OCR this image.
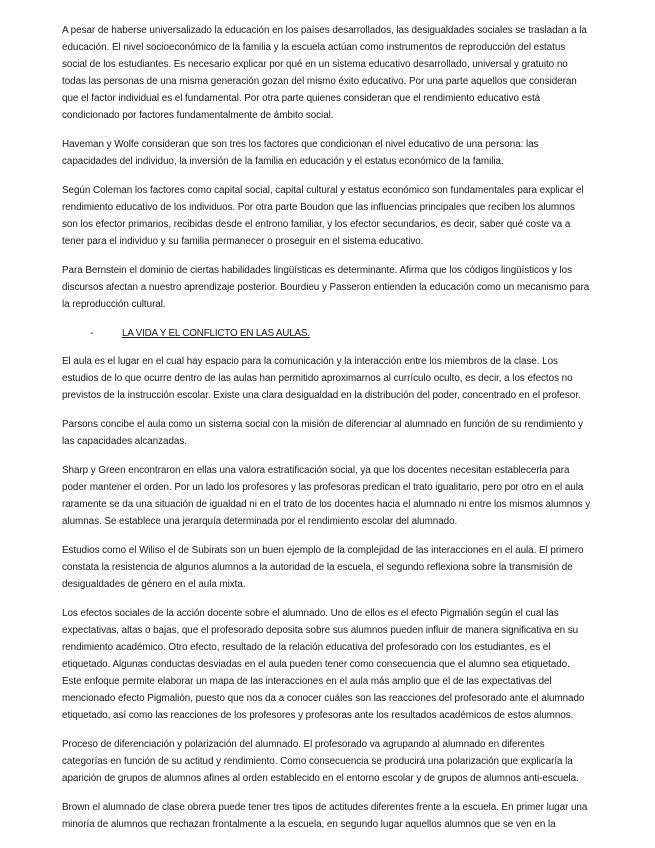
A pesar de haberse universalizado la educación en los países desarrollados, las desigualdades sociales se trasladan a la educación. El nivel socioeconómico de la familia y la escuela actúan como instrumentos de reproducción del estatus social de los estudiantes. Es necesario explicar por qué en un sistema educativo desarrollado, universal y gratuito no todas las personas de una misma generación gozan del mismo éxito educativo. Por una parte aquellos que consideran que el factor individual es el fundamental. Por otra parte quienes consideran que el rendimiento educativo está condicionado por factores fundamentalmente de ámbito social.

Haveman y Wolfe consideran que son tres los factores que condicionan el nivel educativo de una persona: las capacidades del individuo, la inversión de la familia en educación y el estatus económico de la familia.

Según Coleman los factores como capital social, capital cultural y estatus económico son fundamentales para explicar el rendimiento educativo de los individuos. Por otra parte Boudon que las influencias principales que reciben los alumnos son los efector primarios, recibidas desde el entrono familiar, y los efector secundarios, es decir, saber qué coste va a tener para el individuo y su familia permanecer o proseguir en el sistema educativo.

Para Bernstein el dominio de ciertas habilidades lingüísticas es determinante. Afirma que los códigos lingüísticos y los discursos afectan a nuestro aprendizaje posterior. Bourdieu y Passeron entienden la educación como un mecanismo para la reproducción cultural.

-	LA VIDA Y EL CONFLICTO EN LAS AULAS.

El aula es el lugar en el cual hay espacio para la comunicación y la interacción entre los miembros de la clase. Los estudios de lo que ocurre dentro de las aulas han permitido aproximarnos al currículo oculto, es decir, a los efectos no previstos de la instrucción escolar. Existe una clara desigualdad en la distribución del poder, concentrado en el profesor.

Parsons concibe el aula como un sistema social con la misión de diferenciar al alumnado en función de su rendimiento y las capacidades alcanzadas.

Sharp y Green encontraron en ellas una valora estratificación social, ya que los docentes necesitan establecerla para poder mantener el orden. Por un lado los profesores y las profesoras predican el trato igualitario, pero por otro en el aula raramente se da una situación de igualdad ni en el trato de los docentes hacia el alumnado ni entre los mismos alumnos y alumnas. Se establece una jerarquía determinada por el rendimiento escolar del alumnado.

Estudios como el Wiliso el de Subirats son un buen ejemplo de la complejidad de las interacciones en el aula. El primero constata la resistencia de algunos alumnos a la autoridad de la escuela, el segundo reflexiona sobre la transmisión de desigualdades de género en el aula mixta.

Los efectos sociales de la acción docente sobre el alumnado. Uno de ellos es el efecto Pigmalión según el cual las expectativas, altas o bajas, que el profesorado deposita sobre sus alumnos pueden influir de manera significativa en su rendimiento académico. Otro efecto, resultado de la relación educativa del profesorado con los estudiantes, es el etiquetado. Algunas conductas desviadas en el aula pueden tener como consecuencia que el alumno sea etiquetado. Este enfoque permite elaborar un mapa de las interacciones en el aula más amplio que el de las expectativas del mencionado efecto Pigmalión, puesto que nos da a conocer cuáles son las reacciones del profesorado ante el alumnado etiquetado, así como las reacciones de los profesores y profesoras ante los resultados académicos de estos alumnos.

Proceso de diferenciación y polarización del alumnado. El profesorado va agrupando al alumnado en diferentes categorías en función de su actitud y rendimiento. Como consecuencia se producirá una polarización que explicaría la aparición de grupos de alumnos afines al orden establecido en el entorno escolar y de grupos de alumnos anti-escuela.

Brown el alumnado de clase obrera puede tener tres tipos de actitudes diferentes frente a la escuela. En primer lugar una minoría de alumnos que rechazan frontalmente a la escuela, en segundo lugar aquellos alumnos que se ven en la
